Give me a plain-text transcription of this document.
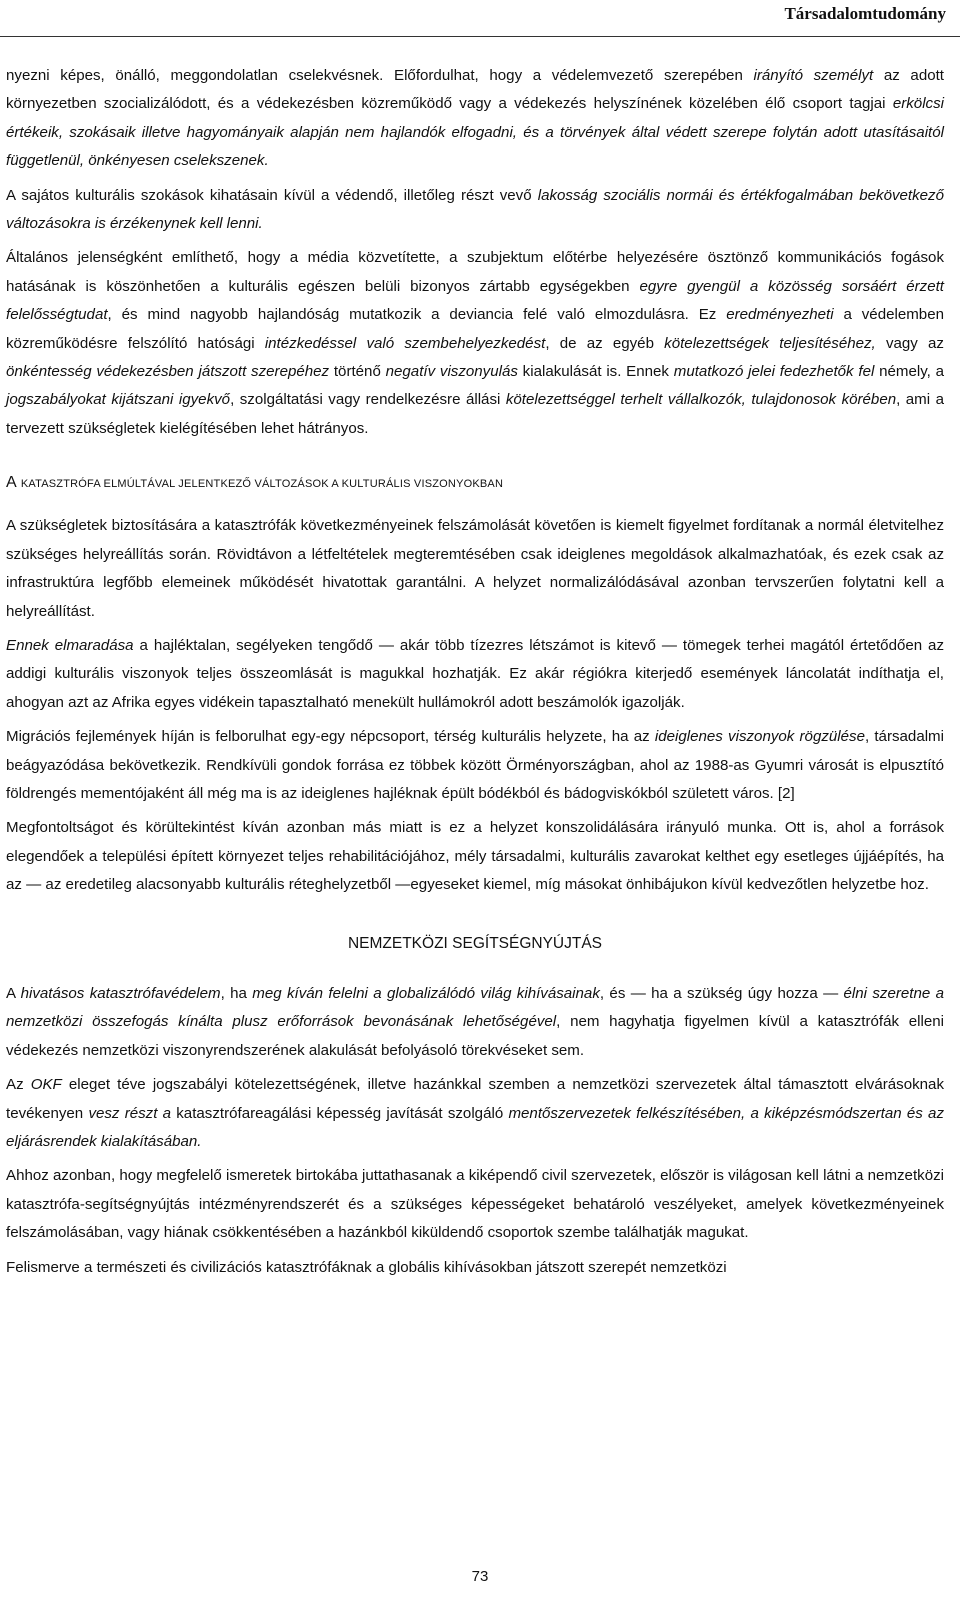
Társadalomtudomány

nyezni képes, önálló, meggondolatlan cselekvésnek. Előfordulhat, hogy a védelemvezető szerepében irányító személyt az adott környezetben szocializálódott, és a védekezésben közreműködő vagy a védekezés helyszínének közelében élő csoport tagjai erkölcsi értékeik, szokásaik illetve hagyományaik alapján nem hajlandók elfogadni, és a törvények által védett szerepe folytán adott utasításaitól függetlenül, önkényesen cselekszenek.

A sajátos kulturális szokások kihatásain kívül a védendő, illetőleg részt vevő lakosság szociális normái és értékfogalmában bekövetkező változásokra is érzékenynek kell lenni.

Általános jelenségként említhető, hogy a média közvetítette, a szubjektum előtérbe helyezésére ösztönző kommunikációs fogások hatásának is köszönhetően a kulturális egészen belüli bizonyos zártabb egységekben egyre gyengül a közösség sorsáért érzett felelősségtudat, és mind nagyobb hajlandóság mutatkozik a deviancia felé való elmozdulásra. Ez eredményezheti a védelemben közreműködésre felszólító hatósági intézkedéssel való szembehelyezkedést, de az egyéb kötelezettségek teljesítéséhez, vagy az önkéntesség védekezésben játszott szerepéhez történő negatív viszonyulás kialakulását is. Ennek mutatkozó jelei fedezhetők fel némely, a jogszabályokat kijátszani igyekvő, szolgáltatási vagy rendelkezésre állási kötelezettséggel terhelt vállalkozók, tulajdonosok körében, ami a tervezett szükségletek kielégítésében lehet hátrányos.

A KATASZTRÓFA ELMÚLTÁVAL JELENTKEZŐ VÁLTOZÁSOK A KULTURÁLIS VISZONYOKBAN

A szükségletek biztosítására a katasztrófák következményeinek felszámolását követően is kiemelt figyelmet fordítanak a normál életvitelhez szükséges helyreállítás során. Rövidtávon a létfeltételek megteremtésében csak ideiglenes megoldások alkalmazhatóak, és ezek csak az infrastruktúra legfőbb elemeinek működését hivatottak garantálni. A helyzet normalizálódásával azonban tervszerűen folytatni kell a helyreállítást.

Ennek elmaradása a hajléktalan, segélyeken tengődő — akár több tízezres létszámot is kitevő — tömegek terhei magától értetődően az addigi kulturális viszonyok teljes összeomlását is magukkal hozhatják. Ez akár régiókra kiterjedő események láncolatát indíthatja el, ahogyan azt az Afrika egyes vidékein tapasztalható menekült hullámokról adott beszámolók igazolják.

Migrációs fejlemények híján is felborulhat egy-egy népcsoport, térség kulturális helyzete, ha az ideiglenes viszonyok rögzülése, társadalmi beágyazódása bekövetkezik. Rendkívüli gondok forrása ez többek között Örményországban, ahol az 1988-as Gyumri városát is elpusztító földrengés mementójaként áll még ma is az ideiglenes hajléknak épült bódékból és bádogviskókból született város. [2]

Megfontoltságot és körültekintést kíván azonban más miatt is ez a helyzet konszolidálására irányuló munka. Ott is, ahol a források elegendőek a települési épített környezet teljes rehabilitációjához, mély társadalmi, kulturális zavarokat kelthet egy esetleges újjáépítés, ha az — az eredetileg alacsonyabb kulturális réteghelyzetből —egyeseket kiemel, míg másokat önhibájukon kívül kedvezőtlen helyzetbe hoz.

NEMZETKÖZI SEGÍTSÉGNYÚJTÁS

A hivatásos katasztrófavédelem, ha meg kíván felelni a globalizálódó világ kihívásainak, és — ha a szükség úgy hozza — élni szeretne a nemzetközi összefogás kínálta plusz erőforrások bevonásának lehetőségével, nem hagyhatja figyelmen kívül a katasztrófák elleni védekezés nemzetközi viszonyrendszerének alakulását befolyásoló törekvéseket sem.

Az OKF eleget téve jogszabályi kötelezettségének, illetve hazánkkal szemben a nemzetközi szervezetek által támasztott elvárásoknak tevékenyen vesz részt a katasztrófareagálási képesség javítását szolgáló mentőszervezetek felkészítésében, a kiképzésmódszertan és az eljárásrendek kialakításában.

Ahhoz azonban, hogy megfelelő ismeretek birtokába juttathasanak a kiképendő civil szervezetek, először is világosan kell látni a nemzetközi katasztrófa-segítségnyújtás intézményrendszerét és a szükséges képességeket behatároló veszélyeket, amelyek következményeinek felszámolásában, vagy hiának csökkentésében a hazánkból kiküldendő csoportok szembe találhatják magukat.

Felismerve a természeti és civilizációs katasztrófáknak a globális kihívásokban játszott szerepét nemzetközi

73
